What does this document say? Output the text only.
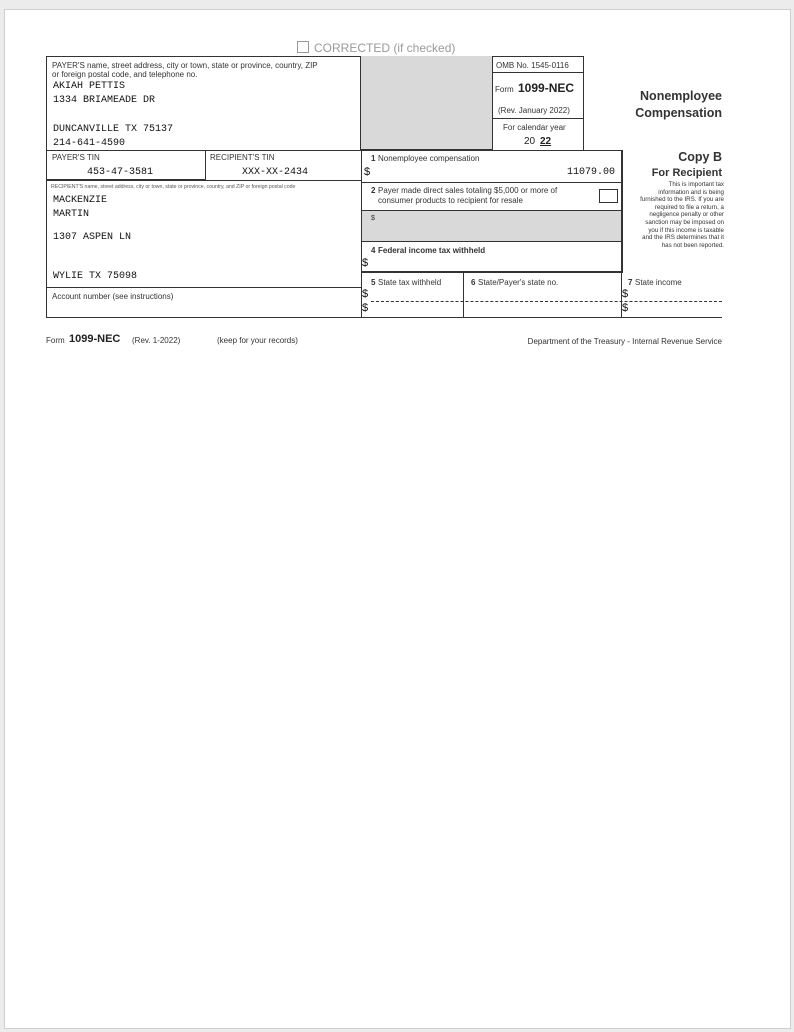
CORRECTED (if checked)
PAYER'S name, street address, city or town, state or province, country, ZIP
or foreign postal code, and telephone no.
AKIAH PETTIS
1334 BRIAMEADE DR
DUNCANVILLE TX 75137
214-641-4590
OMB No. 1545-0116
Form 1099-NEC
(Rev. January 2022)
For calendar year
20 22
Nonemployee
Compensation
PAYER'S TIN
453-47-3581
RECIPIENT'S TIN
XXX-XX-2434
RECIPIENT'S name, street address, city or town, state or province, country, and ZIP or foreign postal code
MACKENZIE
MARTIN
1307 ASPEN LN
WYLIE TX 75098
Account number (see instructions)
1 Nonemployee compensation
$	11079.00
2 Payer made direct sales totaling $5,000 or more of
consumer products to recipient for resale
$
4 Federal income tax withheld
$
5 State tax withheld	6 State/Payer's state no.	7 State income
$
$
$
$
Copy B
For Recipient
This is important tax
information and is being
furnished to the IRS. If you are
required to file a return, a
negligence penalty or other
sanction may be imposed on
you if this income is taxable
and the IRS determines that it
has not been reported.
Form 1099-NEC (Rev. 1-2022)	(keep for your records)	Department of the Treasury - Internal Revenue Service
